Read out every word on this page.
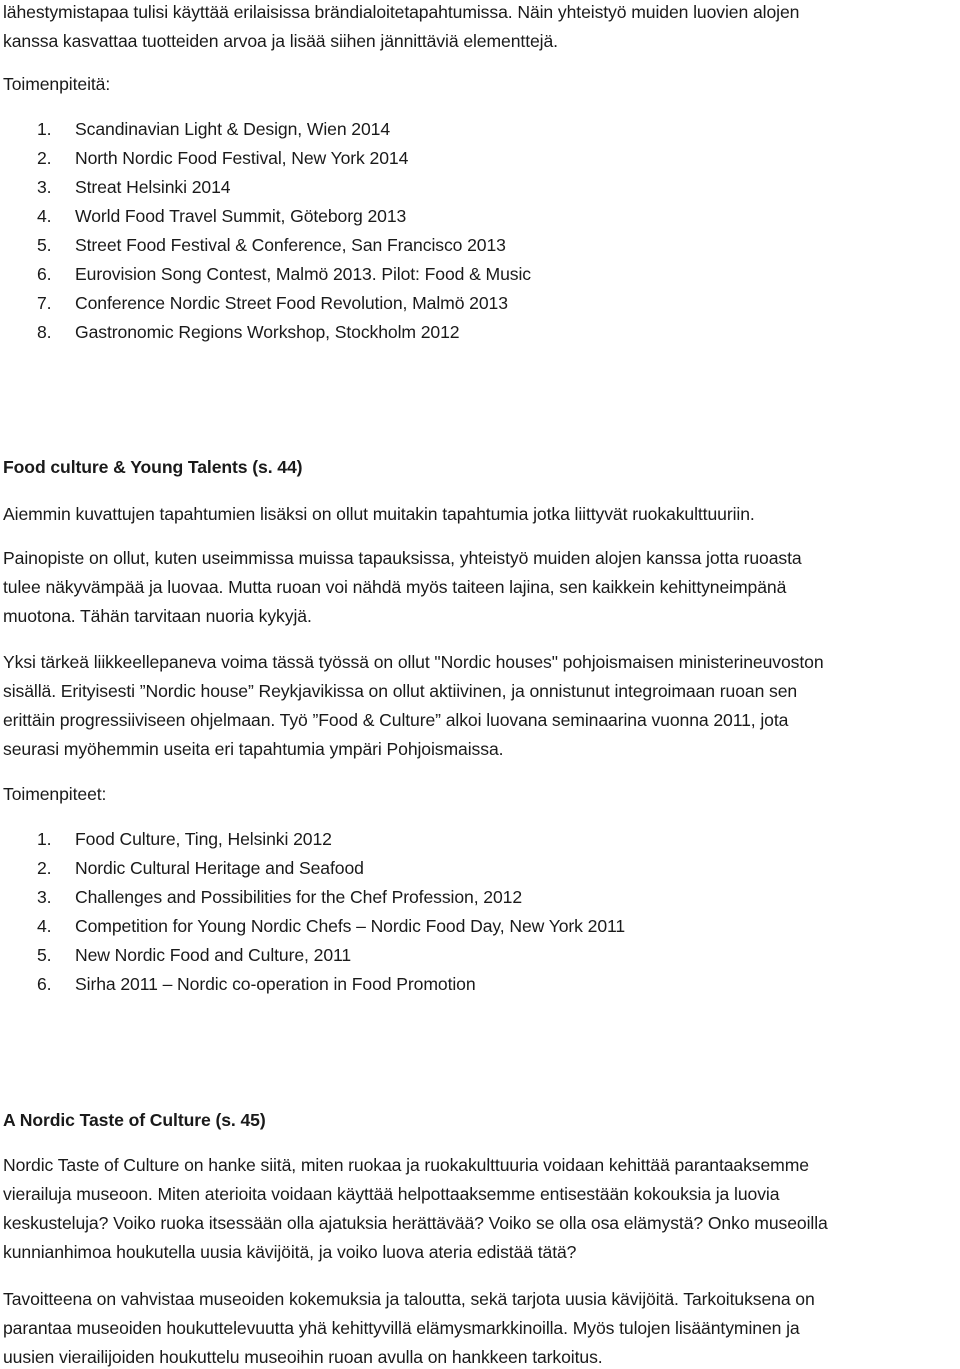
lähestymistapaa tulisi käyttää erilaisissa brändialoitetapahtumissa. Näin yhteistyö muiden luovien alojen
kanssa kasvattaa tuotteiden arvoa ja lisää siihen jännittäviä elementtejä.
Toimenpiteitä:
1. Scandinavian Light & Design, Wien 2014
2. North Nordic Food Festival, New York 2014
3. Streat Helsinki 2014
4. World Food Travel Summit, Göteborg 2013
5. Street Food Festival & Conference, San Francisco 2013
6. Eurovision Song Contest, Malmö 2013. Pilot: Food & Music
7. Conference Nordic Street Food Revolution, Malmö 2013
8. Gastronomic Regions Workshop, Stockholm 2012
Food culture & Young Talents (s. 44)
Aiemmin kuvattujen tapahtumien lisäksi on ollut muitakin tapahtumia jotka liittyvät ruokakulttuuriin.
Painopiste on ollut, kuten useimmissa muissa tapauksissa, yhteistyö muiden alojen kanssa jotta ruoasta
tulee näkyvämpää ja luovaa. Mutta ruoan voi nähdä myös taiteen lajina, sen kaikkein kehittyneimpänä
muotona. Tähän tarvitaan nuoria kykyjä.
Yksi tärkeä liikkeellepaneva voima tässä työssä on ollut "Nordic houses" pohjoismaisen ministerineuvoston
sisällä. Erityisesti ”Nordic house” Reykjavikissa on ollut aktiivinen, ja onnistunut integroimaan ruoan sen
erittäin progressiiviseen ohjelmaan. Työ ”Food & Culture” alkoi luovana seminaarina vuonna 2011, jota
seurasi myöhemmin useita eri tapahtumia ympäri Pohjoismaissa.
Toimenpiteet:
1. Food Culture, Ting, Helsinki 2012
2. Nordic Cultural Heritage and Seafood
3. Challenges and Possibilities for the Chef Profession, 2012
4. Competition for Young Nordic Chefs – Nordic Food Day, New York 2011
5. New Nordic Food and Culture, 2011
6. Sirha 2011 – Nordic co-operation in Food Promotion
A Nordic Taste of Culture (s. 45)
Nordic Taste of Culture on hanke siitä, miten ruokaa ja ruokakulttuuria voidaan kehittää parantaaksemme
vierailuja museoon. Miten aterioita voidaan käyttää helpottaaksemme entisestään kokouksia ja luovia
keskusteluja? Voiko ruoka itsessään olla ajatuksia herättävää? Voiko se olla osa elämystä? Onko museoilla
kunnianhimoa houkutella uusia kävijöitä, ja voiko luova ateria edistää tätä?
Tavoitteena on vahvistaa museoiden kokemuksia ja taloutta, sekä tarjota uusia kävijöitä. Tarkoituksena on
parantaa museoiden houkuttelevuutta yhä kehittyvillä elämysmarkkinoilla. Myös tulojen lisääntyminen ja
uusien vierailijoiden houkuttelu museoihin ruoan avulla on hankkeen tarkoitus.
